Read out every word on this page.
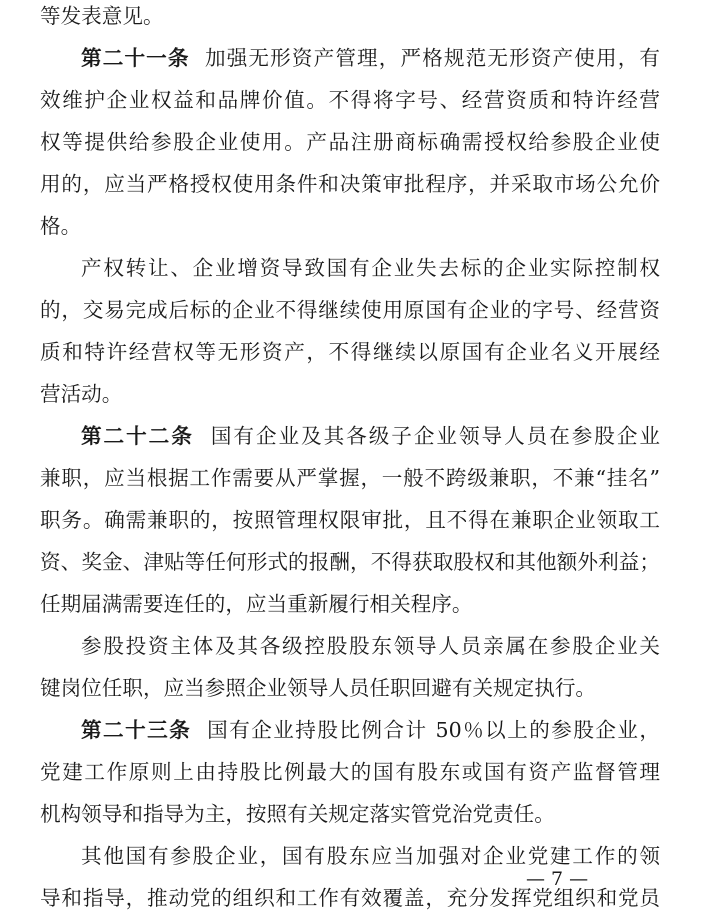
等发表意见。
第二十一条 加强无形资产管理，严格规范无形资产使用，有
效维护企业权益和品牌价值。不得将字号、经营资质和特许经营
权等提供给参股企业使用。产品注册商标确需授权给参股企业使
用的，应当严格授权使用条件和决策审批程序，并采取市场公允价
格。
产权转让、企业增资导致国有企业失去标的企业实际控制权
的，交易完成后标的企业不得继续使用原国有企业的字号、经营资
质和特许经营权等无形资产，不得继续以原国有企业名义开展经
营活动。
第二十二条 国有企业及其各级子企业领导人员在参股企业
兼职，应当根据工作需要从严掌握，一般不跨级兼职，不兼“挂名”
职务。确需兼职的，按照管理权限审批，且不得在兼职企业领取工
资、奖金、津贴等任何形式的报酬，不得获取股权和其他额外利益；
任期届满需要连任的，应当重新履行相关程序。
参股投资主体及其各级控股股东领导人员亲属在参股企业关
键岗位任职，应当参照企业领导人员任职回避有关规定执行。
第二十三条 国有企业持股比例合计 50％以上的参股企业，
党建工作原则上由持股比例最大的国有股东或国有资产监督管理
机构领导和指导为主，按照有关规定落实管党治党责任。
其他国有参股企业，国有股东应当加强对企业党建工作的领
导和指导，推动党的组织和工作有效覆盖，充分发挥党组织和党员
— 7 —
